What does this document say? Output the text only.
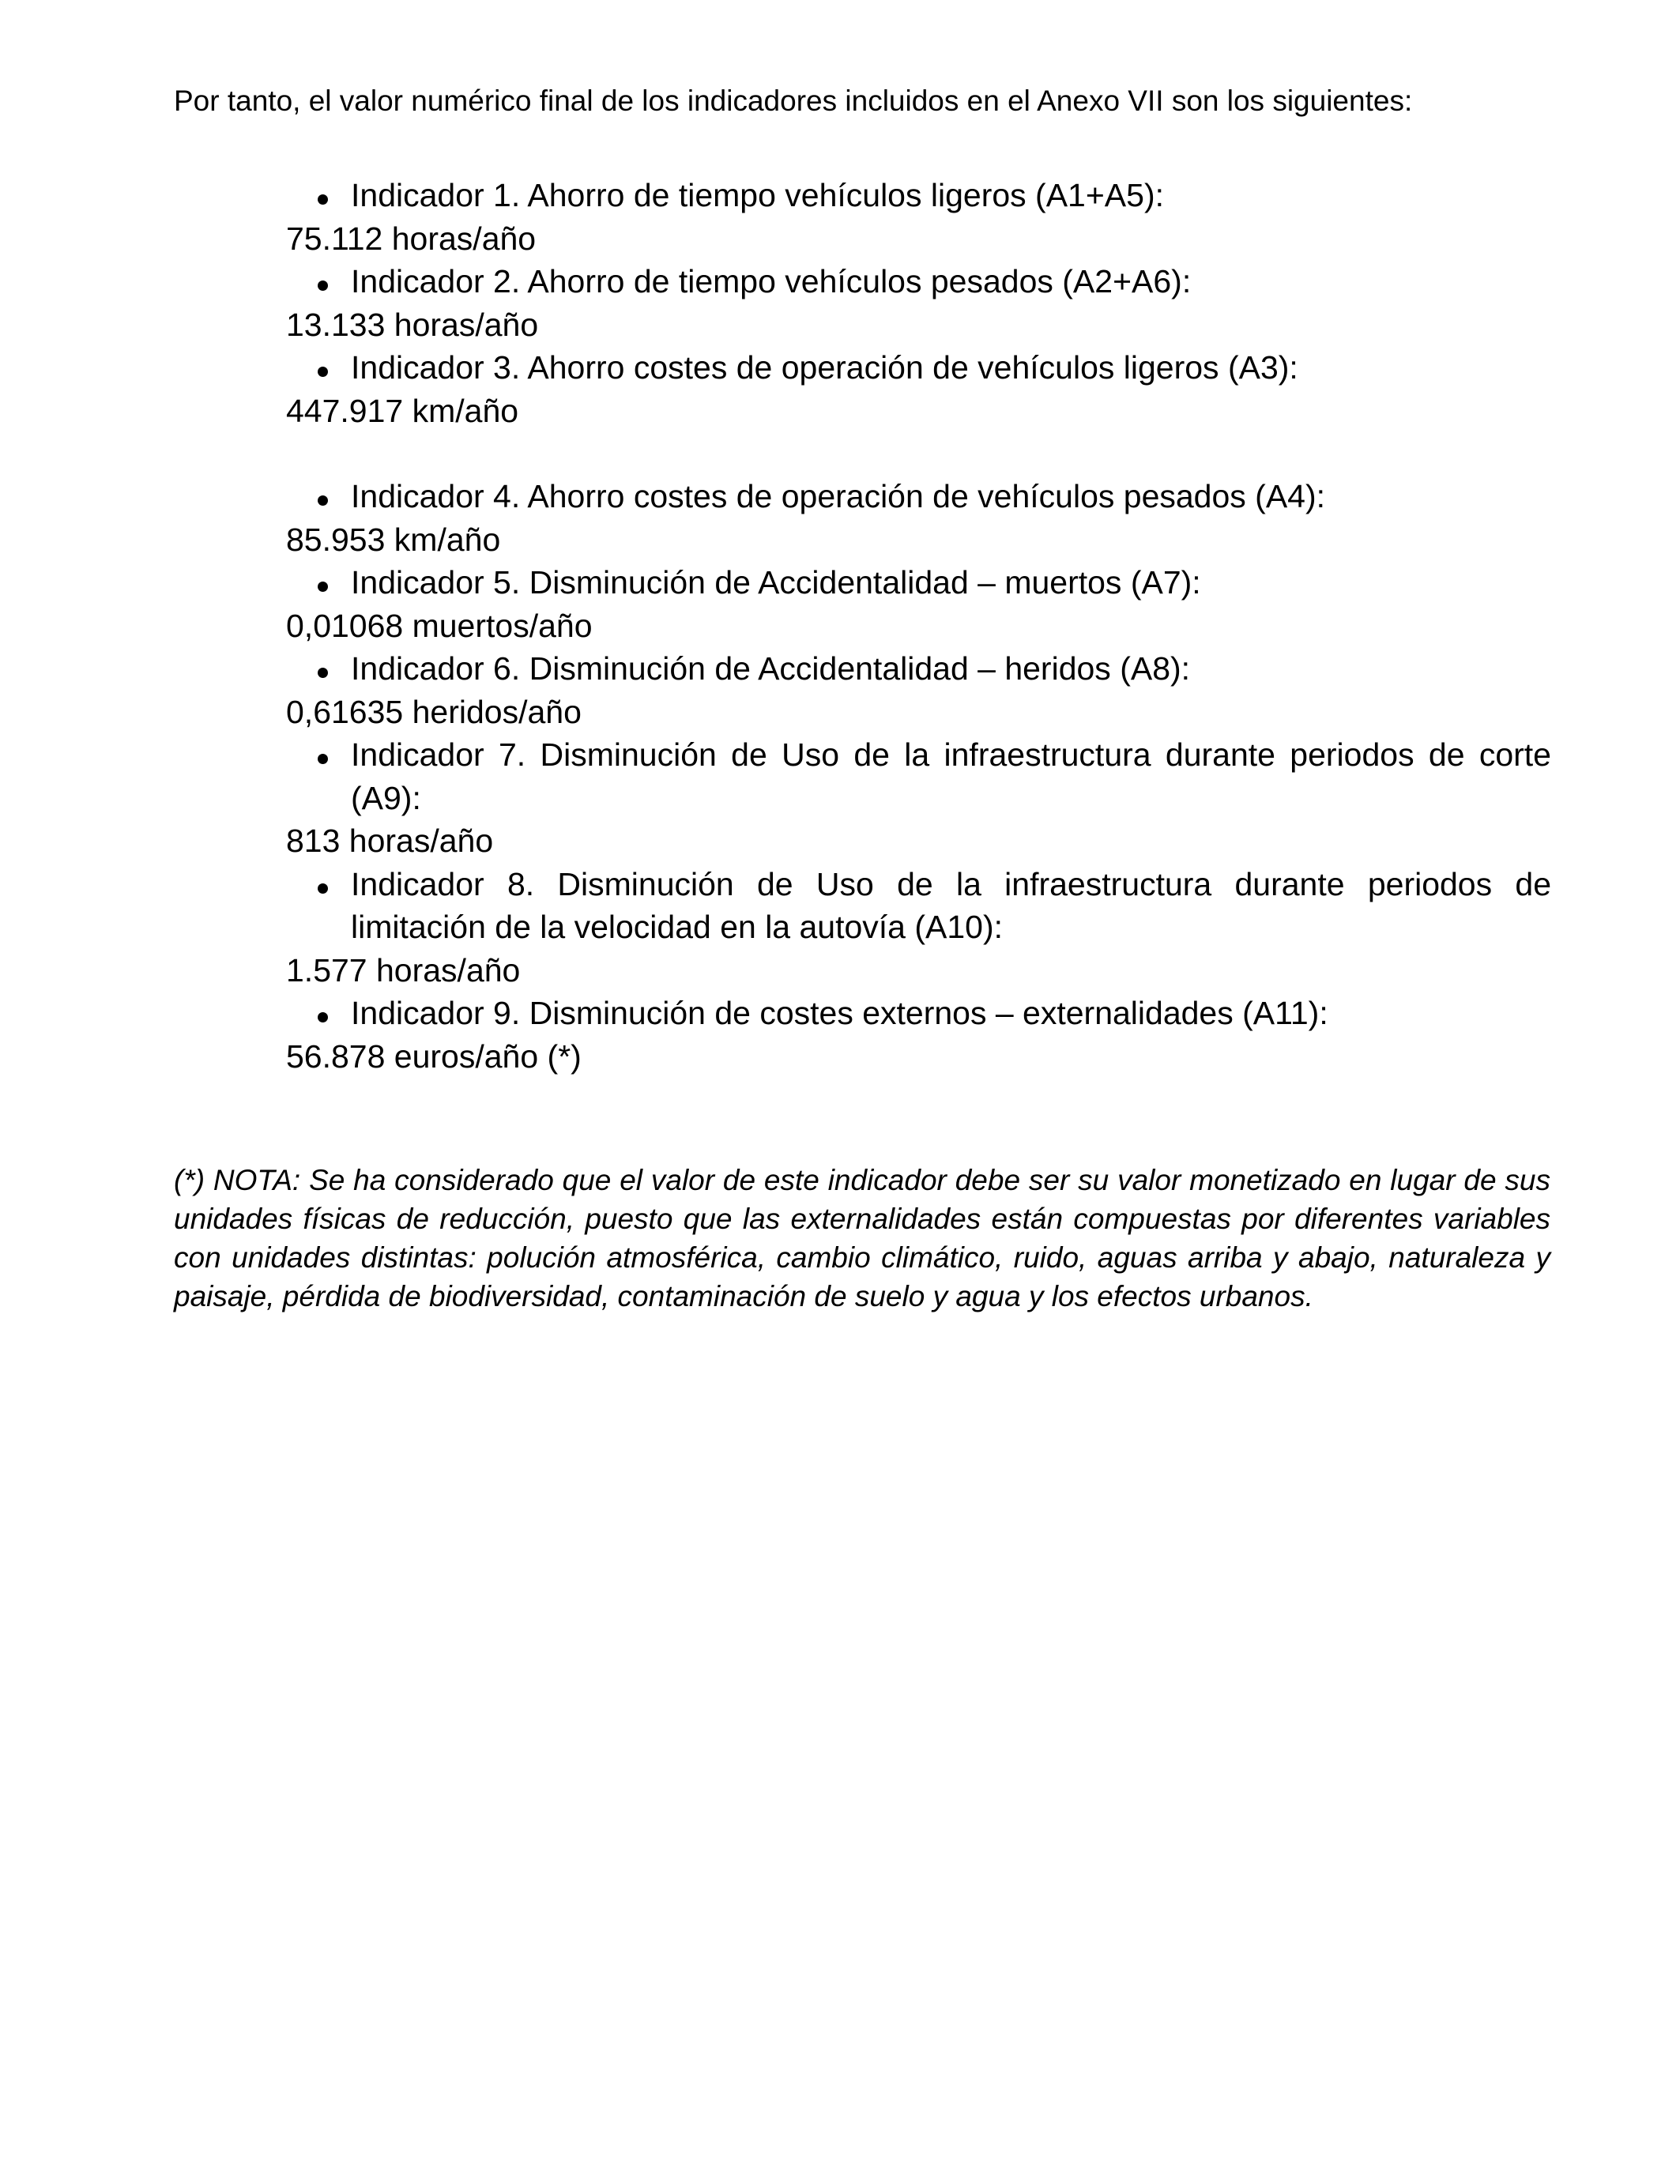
Por tanto, el valor numérico final de los indicadores incluidos en el Anexo VII son los siguientes:

Indicador 1. Ahorro de tiempo vehículos ligeros (A1+A5):
75.112 horas/año
Indicador 2. Ahorro de tiempo vehículos pesados (A2+A6):
13.133 horas/año
Indicador 3. Ahorro costes de operación de vehículos ligeros (A3):
447.917 km/año
Indicador 4. Ahorro costes de operación de vehículos pesados (A4):
85.953 km/año
Indicador 5. Disminución de Accidentalidad – muertos (A7):
0,01068 muertos/año
Indicador 6. Disminución de Accidentalidad – heridos (A8):
0,61635 heridos/año
Indicador 7. Disminución de Uso de la infraestructura durante periodos de corte (A9):
813 horas/año
Indicador 8. Disminución de Uso de la infraestructura durante periodos de limitación de la velocidad en la autovía (A10):
1.577 horas/año
Indicador 9. Disminución de costes externos – externalidades (A11):
56.878 euros/año (*)

(*) NOTA: Se ha considerado que el valor de este indicador debe ser su valor monetizado en lugar de sus unidades físicas de reducción, puesto que las externalidades están compuestas por diferentes variables con unidades distintas: polución atmosférica, cambio climático, ruido, aguas arriba y abajo, naturaleza y paisaje, pérdida de biodiversidad, contaminación de suelo y agua y los efectos urbanos.
